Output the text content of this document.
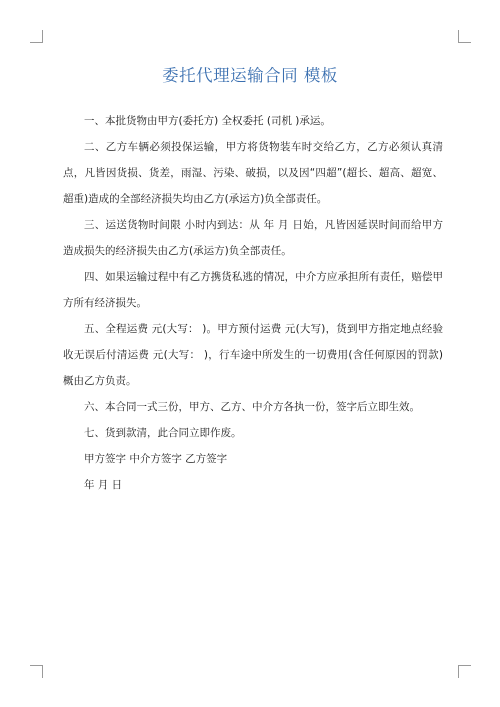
委托代理运输合同 模板

一、本批货物由甲方(委托方) 全权委托 (司机 )承运。

二、乙方车辆必须投保运输，甲方将货物装车时交给乙方，乙方必须认真清点，凡皆因货损、货差，雨湿、污染、破损，以及因“四超”(超长、超高、超宽、超重)造成的全部经济损失均由乙方(承运方)负全部责任。

三、运送货物时间限 小时内到达：从 年 月 日始，凡皆因延误时间而给甲方造成损失的经济损失由乙方(承运方)负全部责任。

四、如果运输过程中有乙方携货私逃的情况，中介方应承担所有责任，赔偿甲方所有经济损失。

五、全程运费 元(大写： )。甲方预付运费 元(大写)，货到甲方指定地点经验收无误后付清运费 元(大写： )，行车途中所发生的一切费用(含任何原因的罚款)概由乙方负责。

六、本合同一式三份，甲方、乙方、中介方各执一份，签字后立即生效。

七、货到款清，此合同立即作废。

甲方签字 中介方签字 乙方签字

年 月 日
